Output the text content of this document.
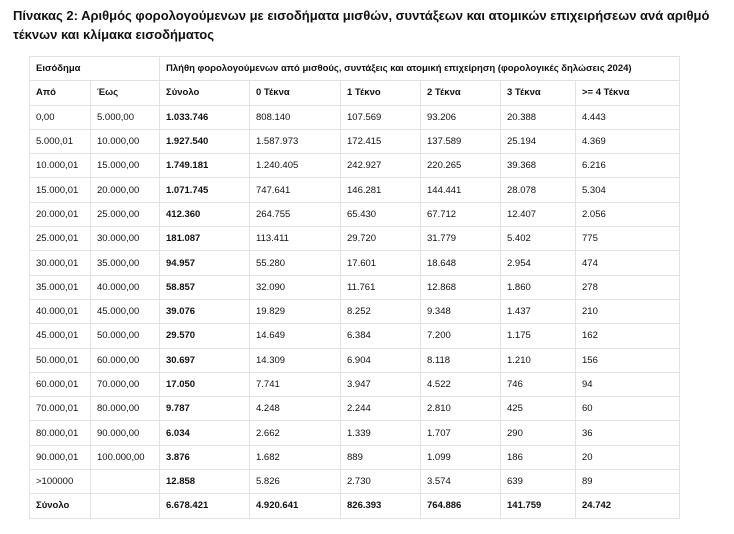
Πίνακας 2: Αριθμός φορολογούμενων με εισοδήματα μισθών, συντάξεων και ατομικών επιχειρήσεων ανά αριθμό τέκνων και κλίμακα εισοδήματος
Εισόδημα		Πλήθη φορολογούμενων από μισθούς, συντάξεις και ατομική επιχείρηση (φορολογικές δηλώσεις 2024)					
Από	Έως	Σύνολο	0 Τέκνα	1 Τέκνο	2 Τέκνα	3 Τέκνα	>= 4 Τέκνα
0,00	5.000,00	1.033.746	808.140	107.569	93.206	20.388	4.443
5.000,01	10.000,00	1.927.540	1.587.973	172.415	137.589	25.194	4.369
10.000,01	15.000,00	1.749.181	1.240.405	242.927	220.265	39.368	6.216
15.000,01	20.000,00	1.071.745	747.641	146.281	144.441	28.078	5.304
20.000,01	25.000,00	412.360	264.755	65.430	67.712	12.407	2.056
25.000,01	30.000,00	181.087	113.411	29.720	31.779	5.402	775
30.000,01	35.000,00	94.957	55.280	17.601	18.648	2.954	474
35.000,01	40.000,00	58.857	32.090	11.761	12.868	1.860	278
40.000,01	45.000,00	39.076	19.829	8.252	9.348	1.437	210
45.000,01	50.000,00	29.570	14.649	6.384	7.200	1.175	162
50.000,01	60.000,00	30.697	14.309	6.904	8.118	1.210	156
60.000,01	70.000,00	17.050	7.741	3.947	4.522	746	94
70.000,01	80.000,00	9.787	4.248	2.244	2.810	425	60
80.000,01	90.000,00	6.034	2.662	1.339	1.707	290	36
90.000,01	100.000,00	3.876	1.682	889	1.099	186	20
>100000		12.858	5.826	2.730	3.574	639	89
Σύνολο		6.678.421	4.920.641	826.393	764.886	141.759	24.742
